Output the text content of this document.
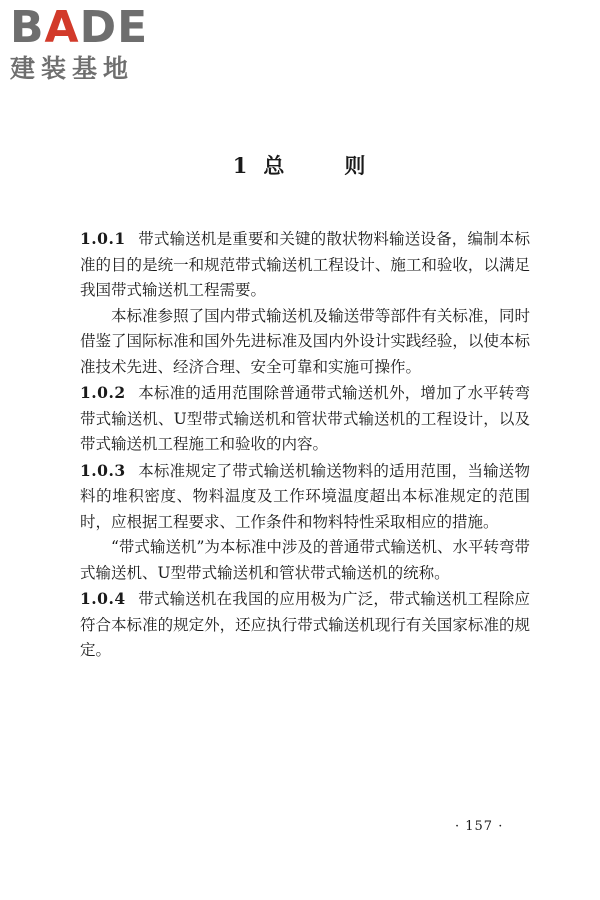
BADE
建装基地
1 总	则

1.0.1 带式输送机是重要和关键的散状物料输送设备，编制本标准的目的是统一和规范带式输送机工程设计、施工和验收，以满足我国带式输送机工程需要。

本标准参照了国内带式输送机及输送带等部件有关标准，同时借鉴了国际标准和国外先进标准及国内外设计实践经验，以使本标准技术先进、经济合理、安全可靠和实施可操作。

1.0.2 本标准的适用范围除普通带式输送机外，增加了水平转弯带式输送机、U型带式输送机和管状带式输送机的工程设计，以及带式输送机工程施工和验收的内容。

1.0.3 本标准规定了带式输送机输送物料的适用范围，当输送物料的堆积密度、物料温度及工作环境温度超出本标准规定的范围时，应根据工程要求、工作条件和物料特性采取相应的措施。

“带式输送机”为本标准中涉及的普通带式输送机、水平转弯带式输送机、U型带式输送机和管状带式输送机的统称。

1.0.4 带式输送机在我国的应用极为广泛，带式输送机工程除应符合本标准的规定外，还应执行带式输送机现行有关国家标准的规定。

· 157 ·
